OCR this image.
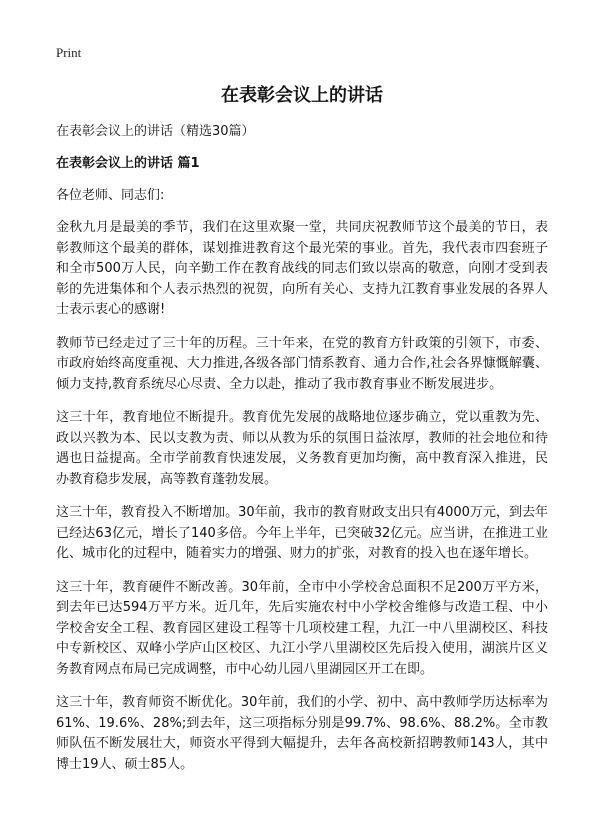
Print
在表彰会议上的讲话
在表彰会议上的讲话（精选30篇）
在表彰会议上的讲话 篇1
各位老师、同志们:

金秋九月是最美的季节，我们在这里欢聚一堂，共同庆祝教师节这个最美的节日，表彰教师这个最美的群体，谋划推进教育这个最光荣的事业。首先，我代表市四套班子和全市500万人民，向辛勤工作在教育战线的同志们致以崇高的敬意，向刚才受到表彰的先进集体和个人表示热烈的祝贺，向所有关心、支持九江教育事业发展的各界人士表示衷心的感谢!

教师节已经走过了三十年的历程。三十年来，在党的教育方针政策的引领下，市委、市政府始终高度重视、大力推进,各级各部门情系教育、通力合作,社会各界慷慨解囊、倾力支持,教育系统尽心尽责、全力以赴，推动了我市教育事业不断发展进步。

这三十年，教育地位不断提升。教育优先发展的战略地位逐步确立，党以重教为先、政以兴教为本、民以支教为责、师以从教为乐的氛围日益浓厚，教师的社会地位和待遇也日益提高。全市学前教育快速发展，义务教育更加均衡，高中教育深入推进，民办教育稳步发展，高等教育蓬勃发展。

这三十年，教育投入不断增加。30年前，我市的教育财政支出只有4000万元，到去年已经达63亿元，增长了140多倍。今年上半年，已突破32亿元。应当讲，在推进工业化、城市化的过程中，随着实力的增强、财力的扩张，对教育的投入也在逐年增长。

这三十年，教育硬件不断改善。30年前，全市中小学校舍总面积不足200万平方米，到去年已达594万平方米。近几年，先后实施农村中小学校舍维修与改造工程、中小学校舍安全工程、教育园区建设工程等十几项校建工程，九江一中八里湖校区、科技中专新校区、双峰小学庐山区校区、九江小学八里湖校区先后投入使用，湖滨片区义务教育网点布局已完成调整，市中心幼儿园八里湖园区开工在即。

这三十年，教育师资不断优化。30年前，我们的小学、初中、高中教师学历达标率为61%、19.6%、28%;到去年，这三项指标分别是99.7%、98.6%、88.2%。全市教师队伍不断发展壮大，师资水平得到大幅提升，去年各高校新招聘教师143人，其中博士19人、硕士85人。
